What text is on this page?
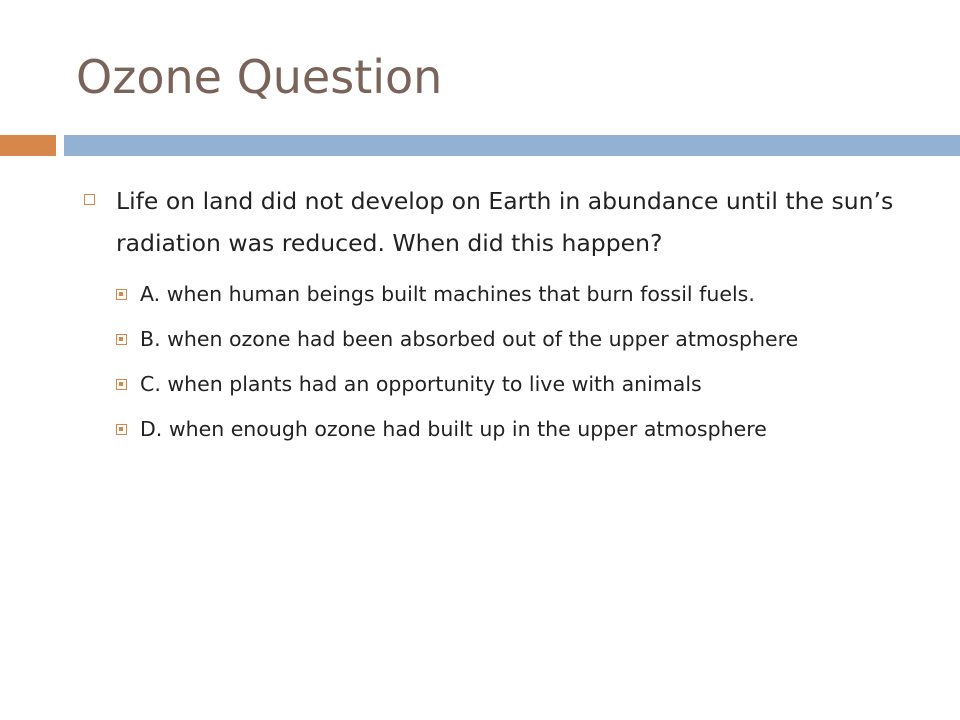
Ozone Question
Life on land did not develop on Earth in abundance until the sun’s radiation was reduced. When did this happen?
A. when human beings built machines that burn fossil fuels.
B. when ozone had been absorbed out of the upper atmosphere
C. when plants had an opportunity to live with animals
D. when enough ozone had built up in the upper atmosphere
